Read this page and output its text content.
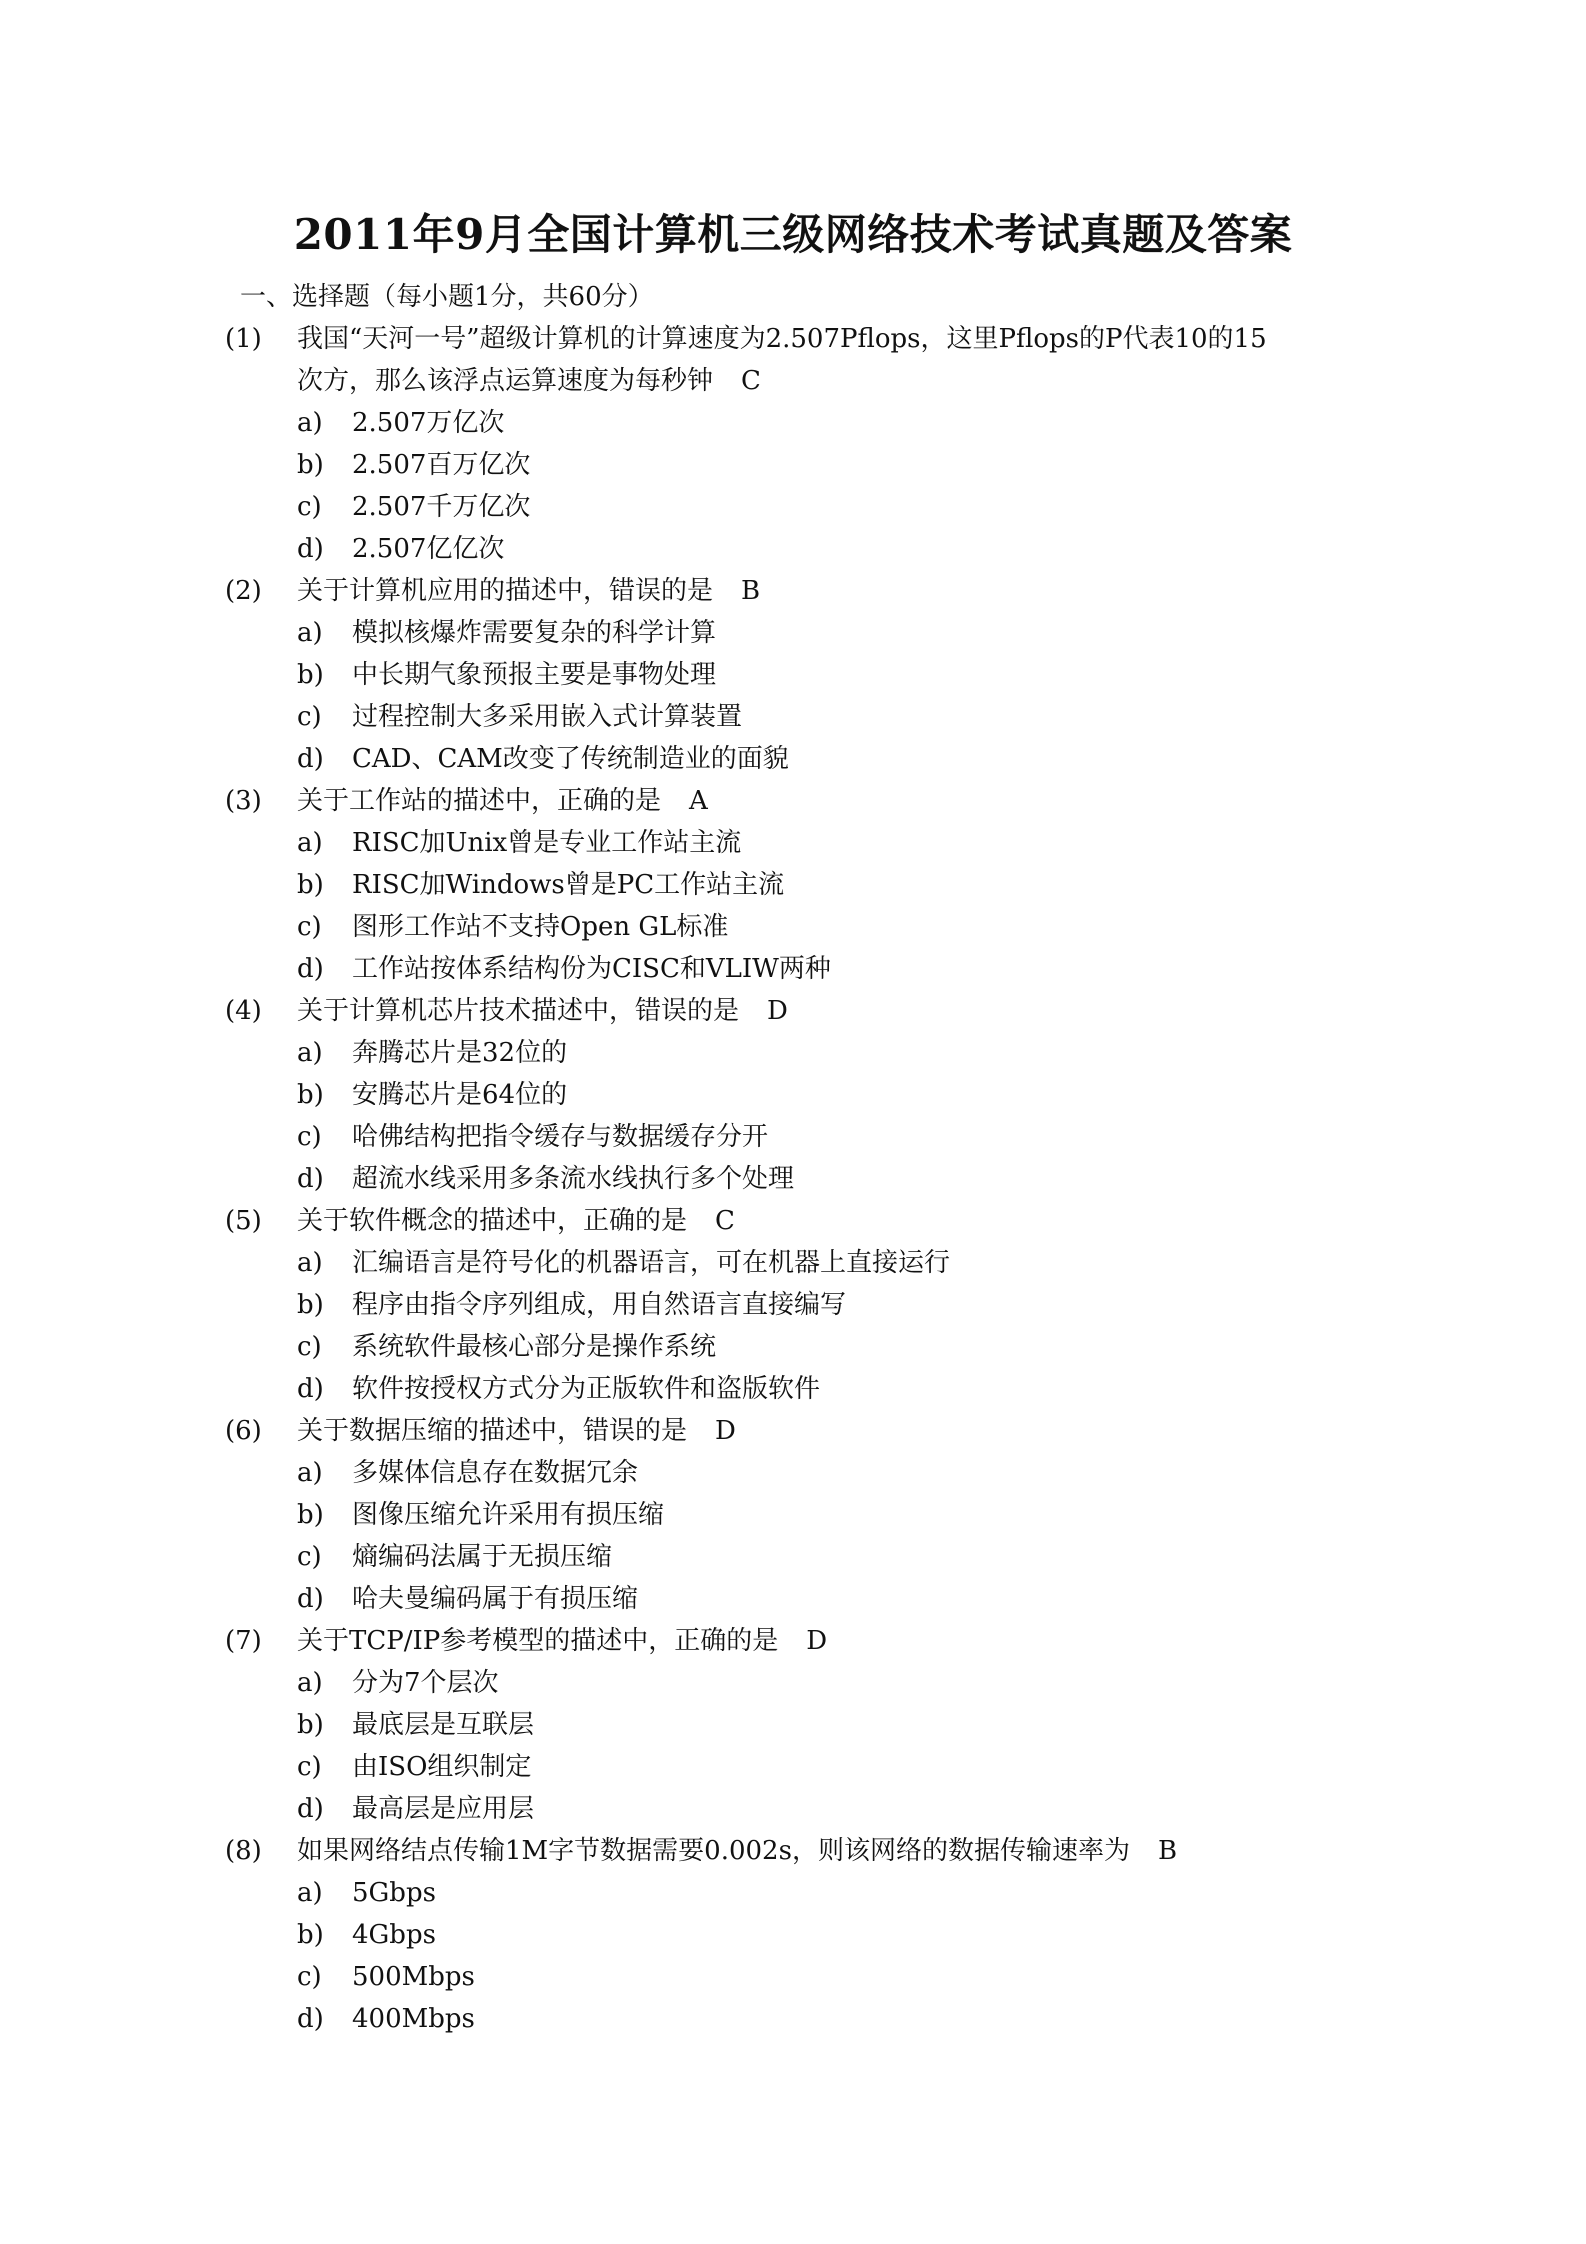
2011年9月全国计算机三级网络技术考试真题及答案
一、选择题（每小题1分，共60分）
(1) 我国“天河一号”超级计算机的计算速度为2.507Pflops，这里Pflops的P代表10的15
次方，那么该浮点运算速度为每秒钟 C
a) 2.507万亿次
b) 2.507百万亿次
c) 2.507千万亿次
d) 2.507亿亿次
(2) 关于计算机应用的描述中，错误的是 B
a) 模拟核爆炸需要复杂的科学计算
b) 中长期气象预报主要是事物处理
c) 过程控制大多采用嵌入式计算装置
d) CAD、CAM改变了传统制造业的面貌
(3) 关于工作站的描述中，正确的是 A
a) RISC加Unix曾是专业工作站主流
b) RISC加Windows曾是PC工作站主流
c) 图形工作站不支持Open GL标准
d) 工作站按体系结构份为CISC和VLIW两种
(4) 关于计算机芯片技术描述中，错误的是 D
a) 奔腾芯片是32位的
b) 安腾芯片是64位的
c) 哈佛结构把指令缓存与数据缓存分开
d) 超流水线采用多条流水线执行多个处理
(5) 关于软件概念的描述中，正确的是 C
a) 汇编语言是符号化的机器语言，可在机器上直接运行
b) 程序由指令序列组成，用自然语言直接编写
c) 系统软件最核心部分是操作系统
d) 软件按授权方式分为正版软件和盗版软件
(6) 关于数据压缩的描述中，错误的是 D
a) 多媒体信息存在数据冗余
b) 图像压缩允许采用有损压缩
c) 熵编码法属于无损压缩
d) 哈夫曼编码属于有损压缩
(7) 关于TCP/IP参考模型的描述中，正确的是 D
a) 分为7个层次
b) 最底层是互联层
c) 由ISO组织制定
d) 最高层是应用层
(8) 如果网络结点传输1M字节数据需要0.002s，则该网络的数据传输速率为 B
a) 5Gbps
b) 4Gbps
c) 500Mbps
d) 400Mbps
